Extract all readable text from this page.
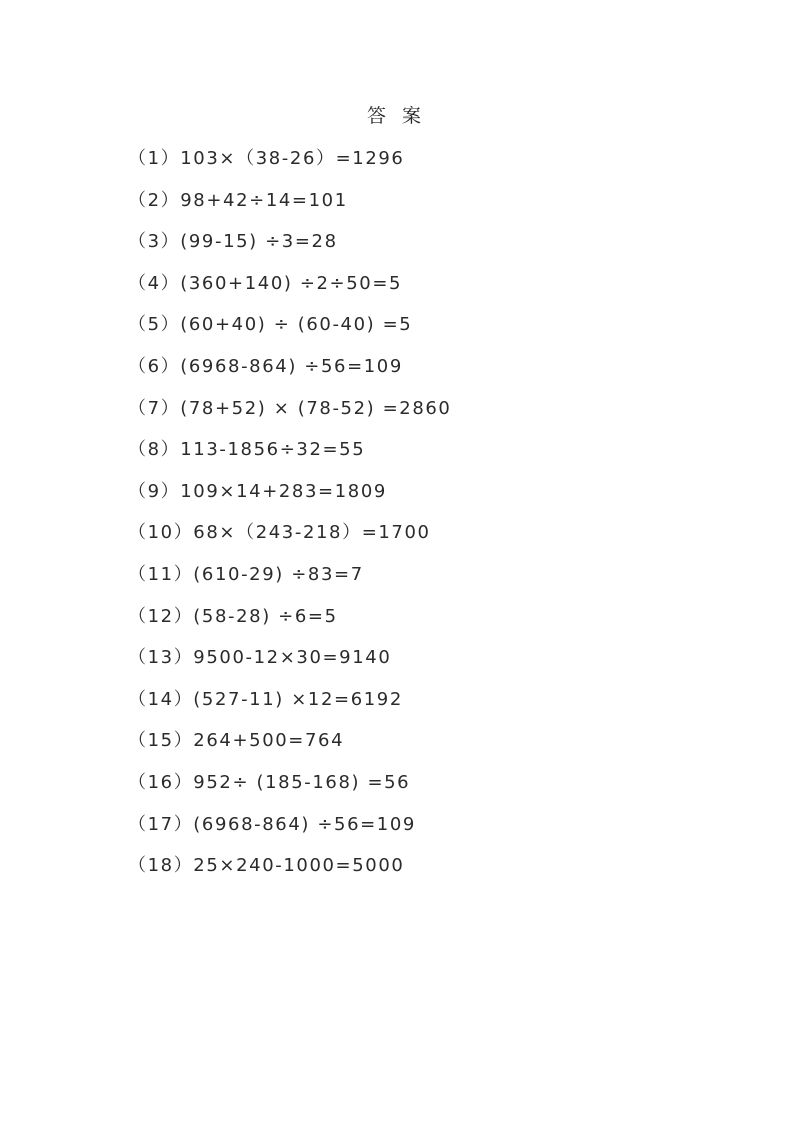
答 案
（1）103×（38-26）=1296
（2）98+42÷14=101
（3）(99-15) ÷3=28
（4）(360+140) ÷2÷50=5
（5）(60+40) ÷ (60-40) =5
（6）(6968-864) ÷56=109
（7）(78+52) × (78-52) =2860
（8）113-1856÷32=55
（9）109×14+283=1809
（10）68×（243-218）=1700
（11）(610-29) ÷83=7
（12）(58-28) ÷6=5
（13）9500-12×30=9140
（14）(527-11) ×12=6192
（15）264+500=764
（16）952÷ (185-168) =56
（17）(6968-864) ÷56=109
（18）25×240-1000=5000
